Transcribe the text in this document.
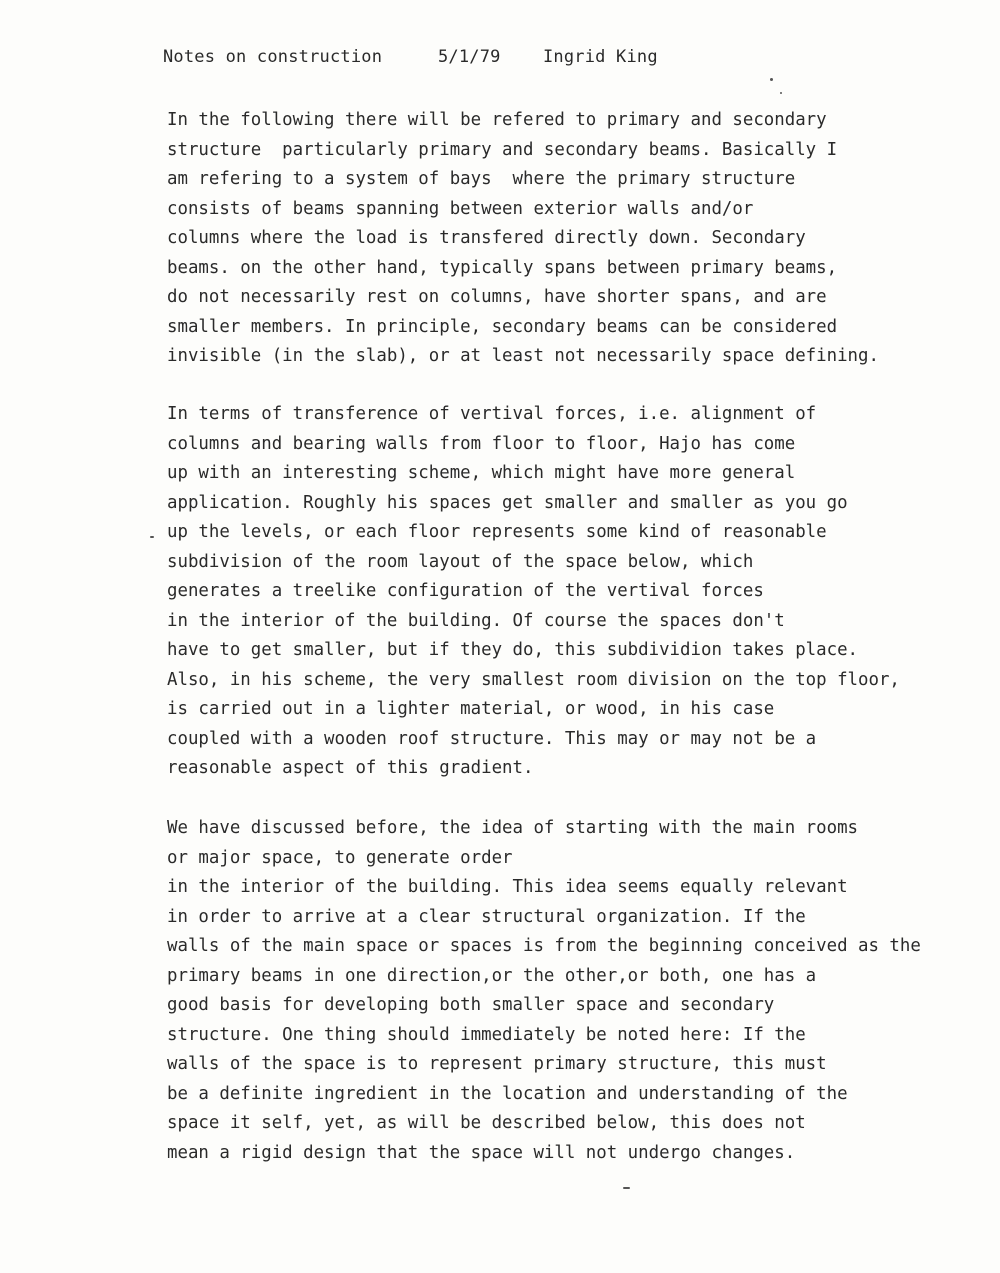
Notes on construction	5/1/79 Ingrid King
In the following there will be refered to primary and secondary
structure  particularly primary and secondary beams. Basically I
am refering to a system of bays  where the primary structure
consists of beams spanning between exterior walls and/or
columns where the load is transfered directly down. Secondary
beams. on the other hand, typically spans between primary beams,
do not necessarily rest on columns, have shorter spans, and are
smaller members. In principle, secondary beams can be considered
invisible (in the slab), or at least not necessarily space defining.
In terms of transference of vertival forces, i.e. alignment of
columns and bearing walls from floor to floor, Hajo has come
up with an interesting scheme, which might have more general
application. Roughly his spaces get smaller and smaller as you go
up the levels, or each floor represents some kind of reasonable
subdivision of the room layout of the space below, which
generates a treelike configuration of the vertival forces
in the interior of the building. Of course the spaces don't
have to get smaller, but if they do, this subdividion takes place.
Also, in his scheme, the very smallest room division on the top floor,
is carried out in a lighter material, or wood, in his case
coupled with a wooden roof structure. This may or may not be a
reasonable aspect of this gradient.
We have discussed before, the idea of starting with the main rooms
or major space, to generate order
in the interior of the building. This idea seems equally relevant
in order to arrive at a clear structural organization. If the
walls of the main space or spaces is from the beginning conceived as the
primary beams in one direction,or the other,or both, one has a
good basis for developing both smaller space and secondary
structure. One thing should immediately be noted here: If the
walls of the space is to represent primary structure, this must
be a definite ingredient in the location and understanding of the
space it self, yet, as will be described below, this does not
mean a rigid design that the space will not undergo changes.
